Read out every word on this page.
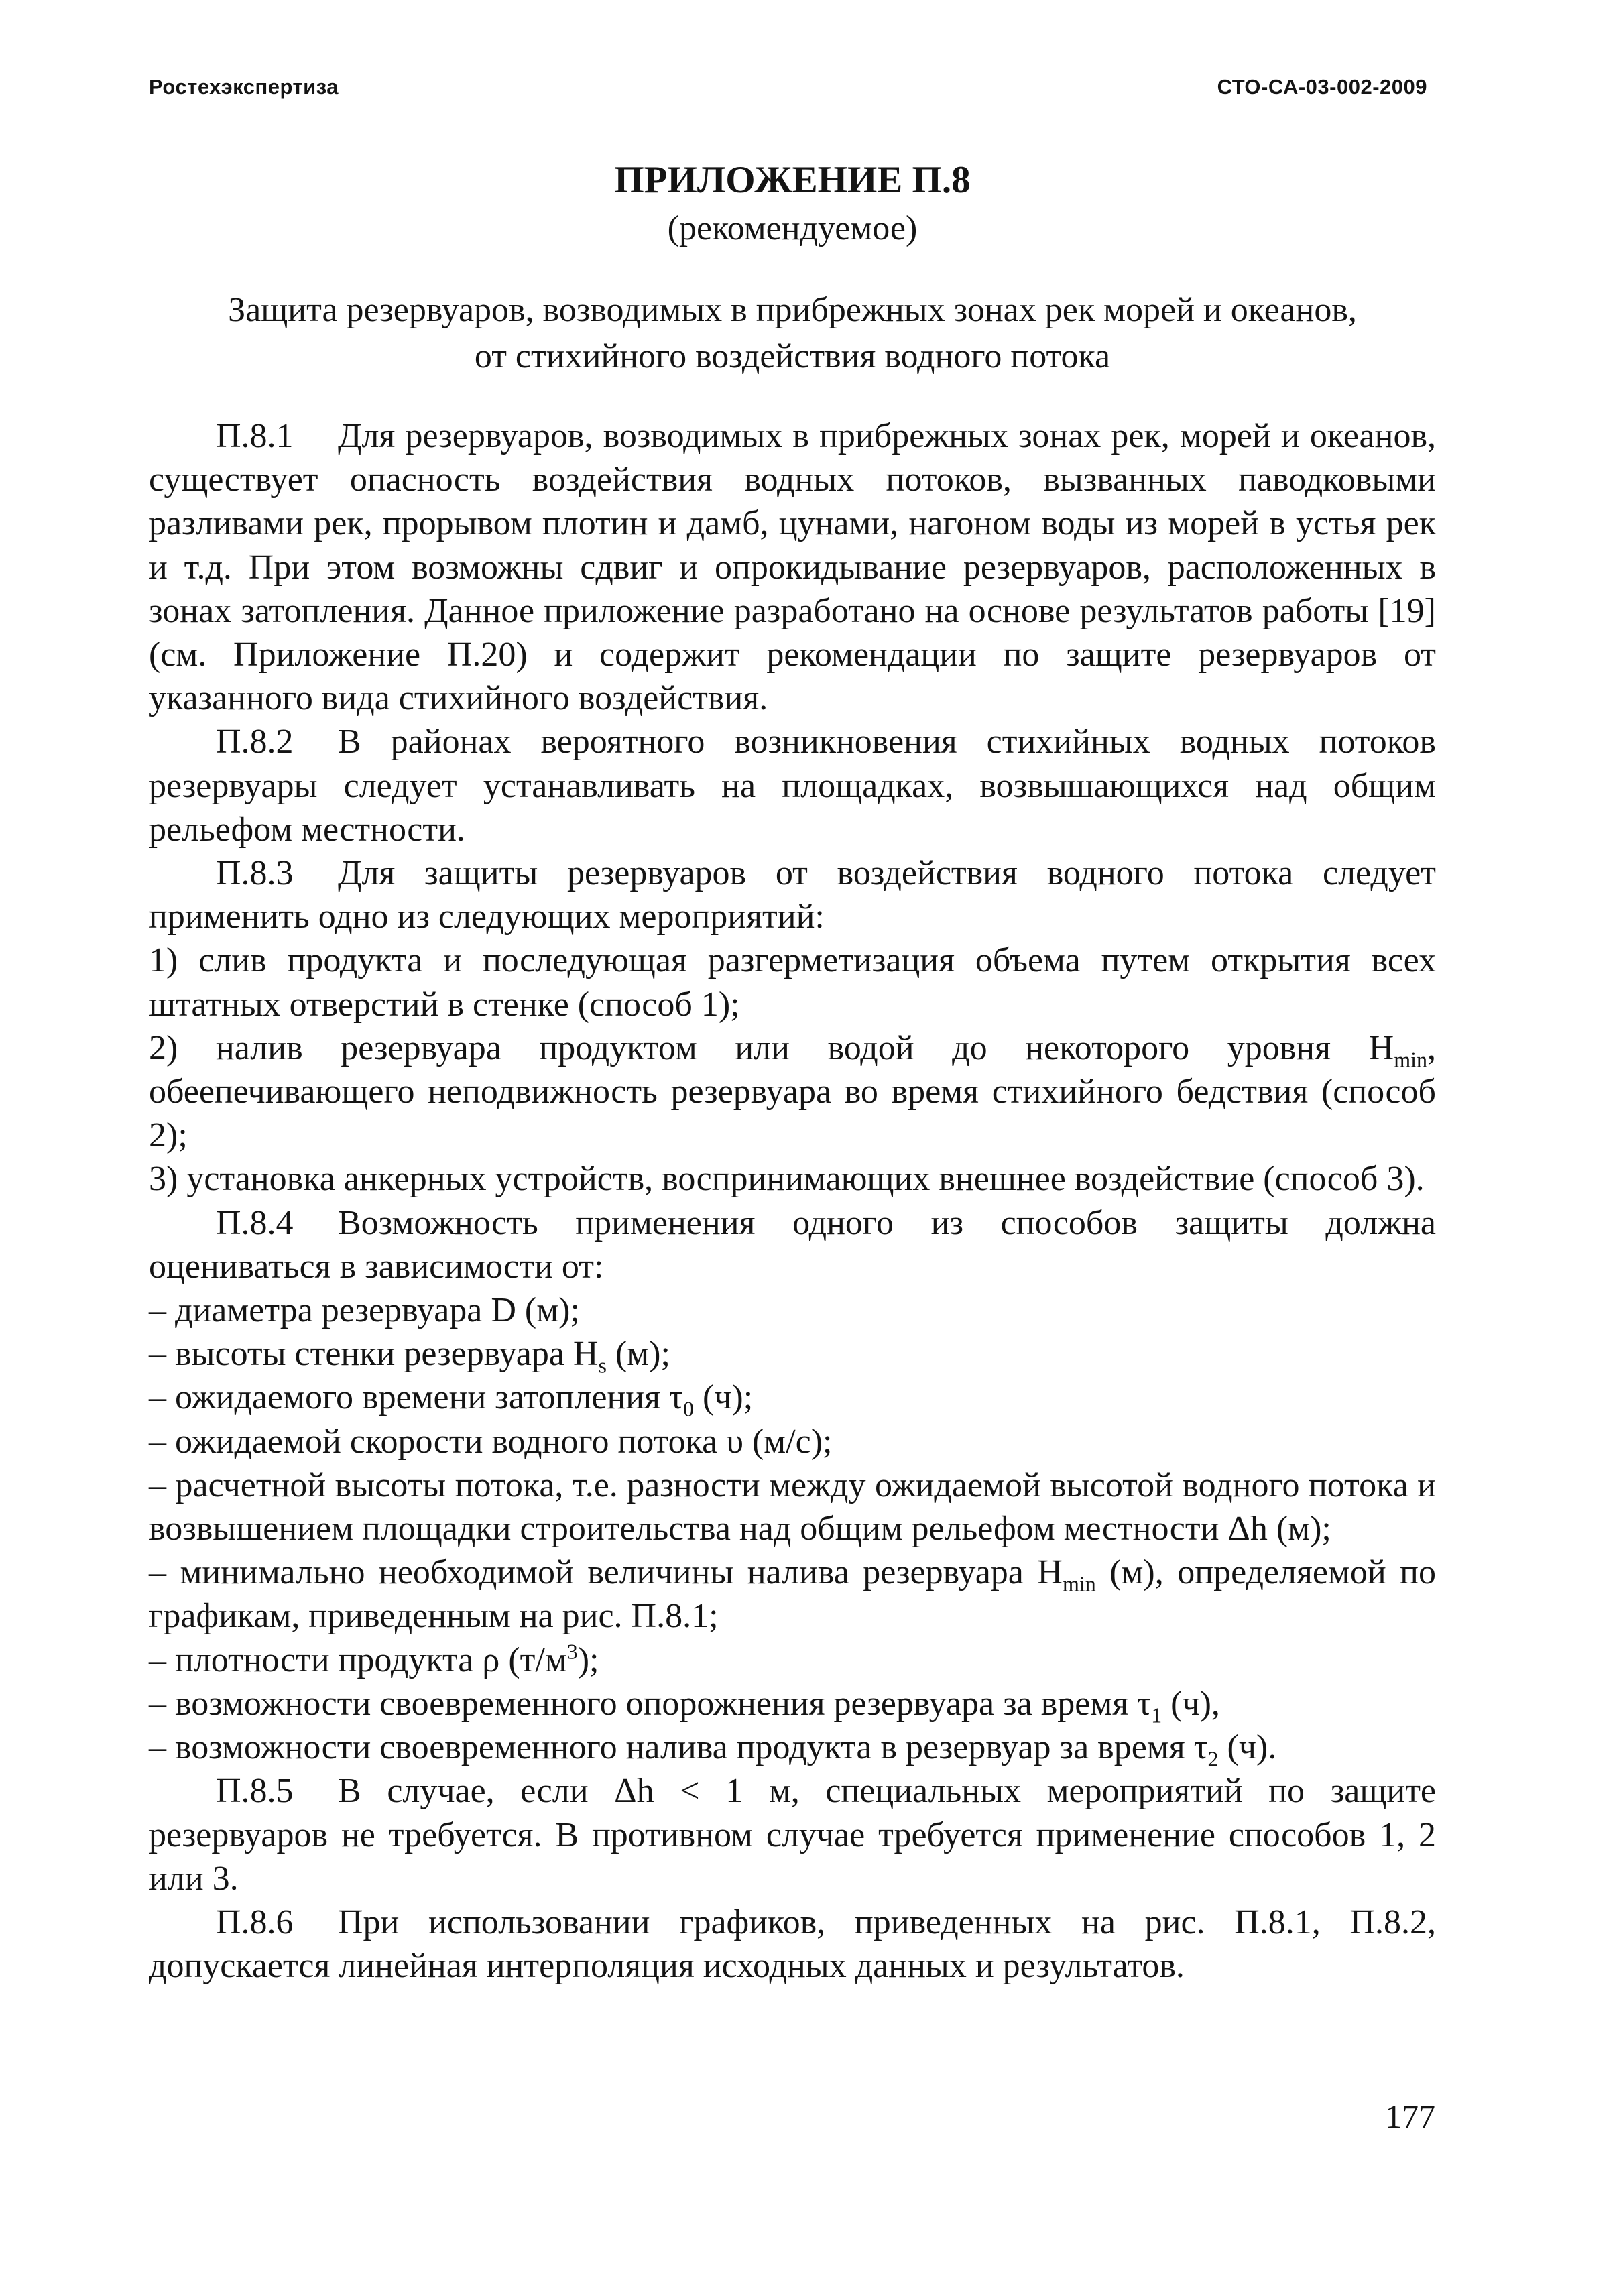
Ростехэкспертиза	СТО-СА-03-002-2009
ПРИЛОЖЕНИЕ П.8
(рекомендуемое)
Защита резервуаров, возводимых в прибрежных зонах рек морей и океанов,
от стихийного воздействия водного потока

П.8.1 Для резервуаров, возводимых в прибрежных зонах рек, морей и океанов, существует опасность воздействия водных потоков, вызванных паводковыми разливами рек, прорывом плотин и дамб, цунами, нагоном воды из морей в устья рек и т.д. При этом возможны сдвиг и опрокидывание резервуаров, расположенных в зонах затопления. Данное приложение разработано на основе результатов работы [19] (см. Приложение П.20) и содержит рекомендации по защите резервуаров от указанного вида стихийного воздействия.

П.8.2 В районах вероятного возникновения стихийных водных потоков резервуары следует устанавливать на площадках, возвышающихся над общим рельефом местности.

П.8.3 Для защиты резервуаров от воздействия водного потока следует применить одно из следующих мероприятий:

1) слив продукта и последующая разгерметизация объема путем открытия всех штатных отверстий в стенке (способ 1);

2) налив резервуара продуктом или водой до некоторого уровня $H_{min}$, обеепечивающего неподвижность резервуара во время стихийного бедствия (способ 2);

3) установка анкерных устройств, воспринимающих внешнее воздействие (способ 3).

П.8.4 Возможность применения одного из способов защиты должна оцениваться в зависимости от:

– диаметра резервуара D (м);

– высоты стенки резервуара $H_s$ (м);

– ожидаемого времени затопления $\tau_0$ (ч);

– ожидаемой скорости водного потока υ (м/с);

– расчетной высоты потока, т.е. разности между ожидаемой высотой водного потока и возвышением площадки строительства над общим рельефом местности Δh (м);

– минимально необходимой величины налива резервуара $H_{min}$ (м), определяемой по графикам, приведенным на рис. П.8.1;

– плотности продукта ρ $(т/м^3)$;

– возможности своевременного опорожнения резервуара за время $\tau_1$ (ч),

– возможности своевременного налива продукта в резервуар за время $\tau_2$ (ч).

П.8.5 В случае, если Δh < 1 м, специальных мероприятий по защите резервуаров не требуется. В противном случае требуется применение способов 1, 2 или 3.

П.8.6 При использовании графиков, приведенных на рис. П.8.1, П.8.2, допускается линейная интерполяция исходных данных и результатов.

177
